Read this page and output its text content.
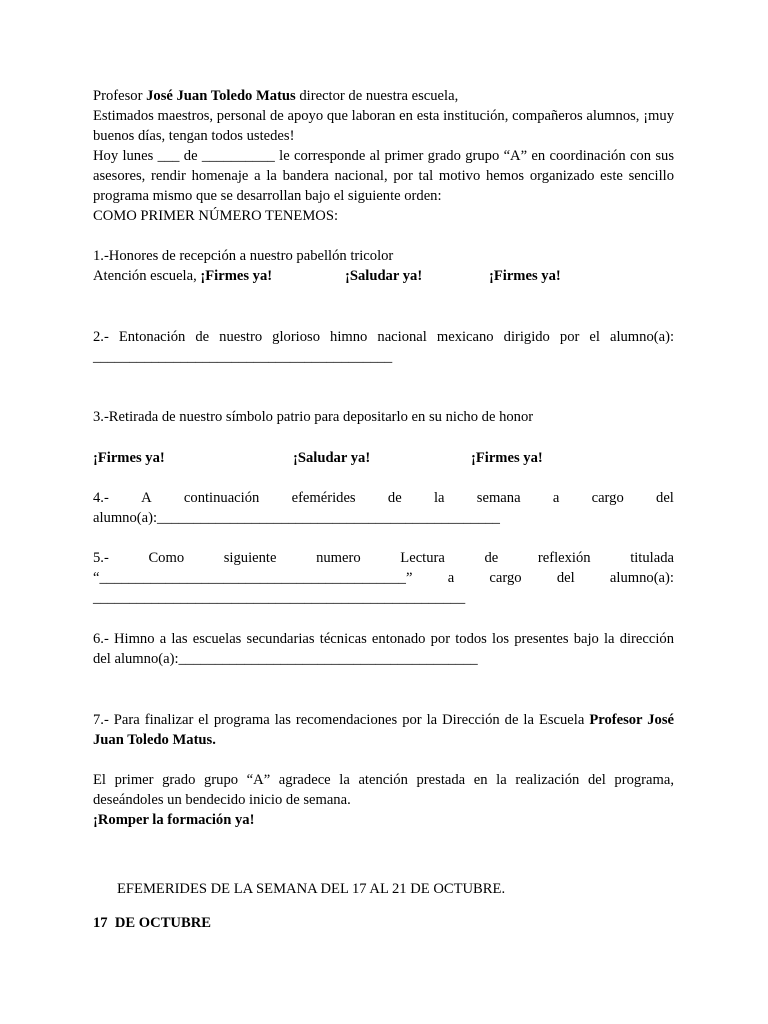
Profesor José Juan Toledo Matus director de nuestra escuela,
Estimados maestros, personal de apoyo que laboran en esta institución, compañeros alumnos, ¡muy buenos días, tengan todos ustedes!
Hoy lunes ___ de __________ le corresponde al primer grado grupo “A” en coordinación con sus asesores, rendir homenaje a la bandera nacional, por tal motivo hemos organizado este sencillo programa mismo que se desarrollan bajo el siguiente orden:
COMO PRIMER NÚMERO TENEMOS:

1.-Honores de recepción a nuestro pabellón tricolor

Atención escuela, ¡Firmes ya!	¡Saludar ya!	¡Firmes ya!

2.- Entonación de nuestro glorioso himno nacional mexicano dirigido por el alumno(a):

_________________________________________

3.-Retirada de nuestro símbolo patrio para depositarlo en su nicho de honor

¡Firmes ya!	¡Saludar ya!	¡Firmes ya!

4.- A continuación efemérides de la semana a cargo del

alumno(a):_______________________________________________

5.-	Como	siguiente	numero	Lectura	de	reflexión	titulada

“__________________________________________” a cargo del alumno(a):

___________________________________________________

6.- Himno a las escuelas secundarias técnicas entonado por todos los presentes bajo la dirección del alumno(a):_________________________________________

7.- Para finalizar el programa las recomendaciones por la Dirección de la Escuela Profesor José Juan Toledo Matus.

El primer grado grupo “A” agradece la atención prestada en la realización del programa, deseándoles un bendecido inicio de semana.

¡Romper la formación ya!

EFEMERIDES DE LA SEMANA DEL 17 AL 21 DE OCTUBRE.

17  DE OCTUBRE
